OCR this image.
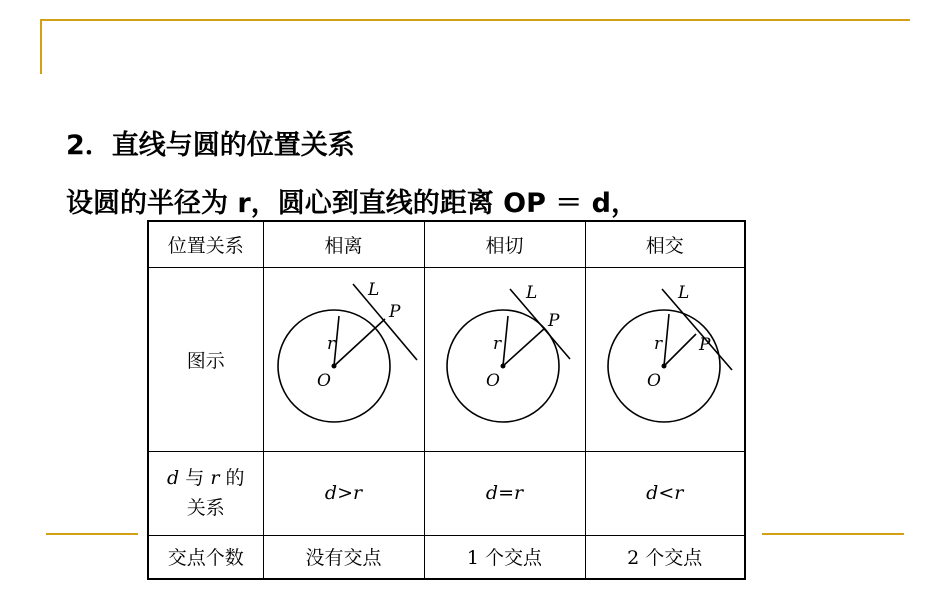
2．直线与圆的位置关系
设圆的半径为 r，圆心到直线的距离 OP ＝ d，
位置关系	相离	相切	相交
图示	L
P
r
O	L
P
r
O	L
P
r
O

d 与 r 的
关系	d>r	d=r	d<r
交点个数	没有交点	1 个交点	2 个交点
